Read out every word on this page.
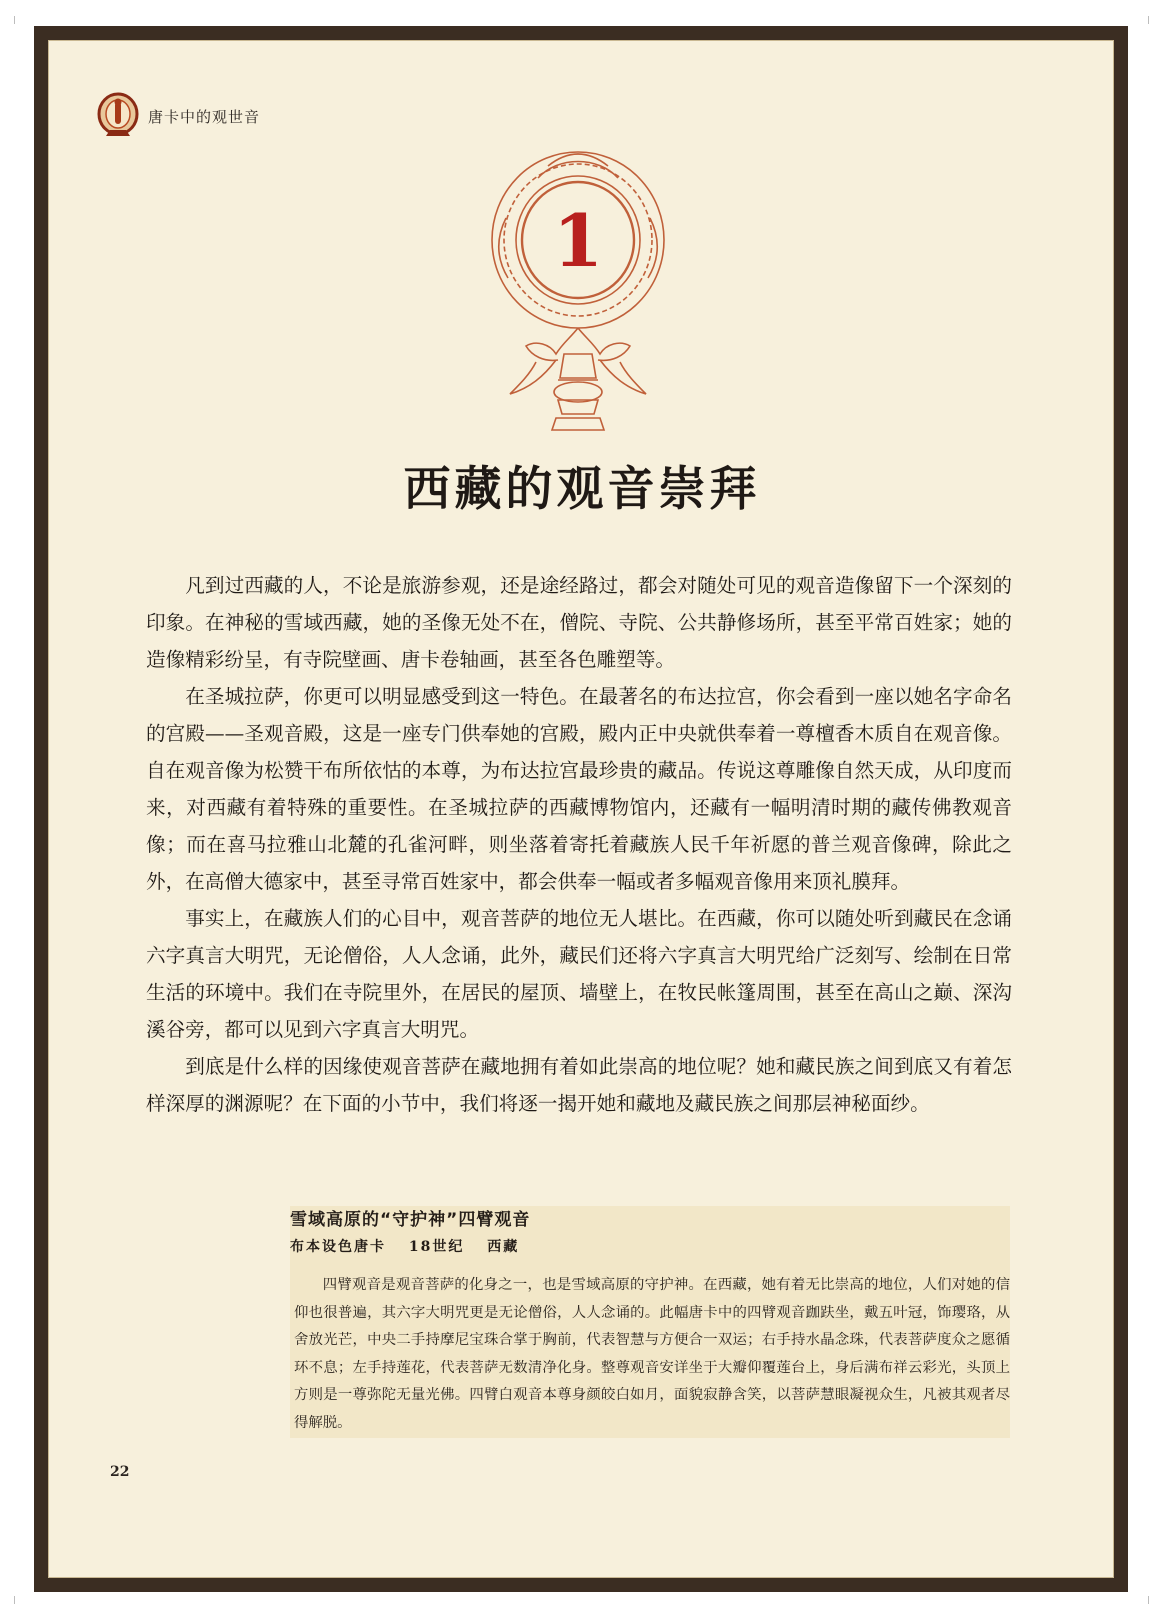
唐卡中的观世音
1
西藏的观音崇拜

凡到过西藏的人，不论是旅游参观，还是途经路过，都会对随处可见的观音造像留下一个深刻的印象。在神秘的雪域西藏，她的圣像无处不在，僧院、寺院、公共静修场所，甚至平常百姓家；她的造像精彩纷呈，有寺院壁画、唐卡卷轴画，甚至各色雕塑等。

在圣城拉萨，你更可以明显感受到这一特色。在最著名的布达拉宫，你会看到一座以她名字命名的宫殿——圣观音殿，这是一座专门供奉她的宫殿，殿内正中央就供奉着一尊檀香木质自在观音像。自在观音像为松赞干布所依怙的本尊，为布达拉宫最珍贵的藏品。传说这尊雕像自然天成，从印度而来，对西藏有着特殊的重要性。在圣城拉萨的西藏博物馆内，还藏有一幅明清时期的藏传佛教观音像；而在喜马拉雅山北麓的孔雀河畔，则坐落着寄托着藏族人民千年祈愿的普兰观音像碑，除此之外，在高僧大德家中，甚至寻常百姓家中，都会供奉一幅或者多幅观音像用来顶礼膜拜。

事实上，在藏族人们的心目中，观音菩萨的地位无人堪比。在西藏，你可以随处听到藏民在念诵六字真言大明咒，无论僧俗，人人念诵，此外，藏民们还将六字真言大明咒给广泛刻写、绘制在日常生活的环境中。我们在寺院里外，在居民的屋顶、墙壁上，在牧民帐篷周围，甚至在高山之巅、深沟溪谷旁，都可以见到六字真言大明咒。

到底是什么样的因缘使观音菩萨在藏地拥有着如此崇高的地位呢？她和藏民族之间到底又有着怎样深厚的渊源呢？在下面的小节中，我们将逐一揭开她和藏地及藏民族之间那层神秘面纱。

雪域高原的“守护神”四臂观音
布本设色唐卡 18世纪 西藏

四臂观音是观音菩萨的化身之一，也是雪域高原的守护神。在西藏，她有着无比崇高的地位，人们对她的信仰也很普遍，其六字大明咒更是无论僧俗，人人念诵的。此幅唐卡中的四臂观音跏趺坐，戴五叶冠，饰璎珞，从舍放光芒，中央二手持摩尼宝珠合掌于胸前，代表智慧与方便合一双运；右手持水晶念珠，代表菩萨度众之愿循环不息；左手持莲花，代表菩萨无数清净化身。整尊观音安详坐于大瓣仰覆莲台上，身后满布祥云彩光，头顶上方则是一尊弥陀无量光佛。四臂白观音本尊身颜皎白如月，面貌寂静含笑，以菩萨慧眼凝视众生，凡被其观者尽得解脱。

22
